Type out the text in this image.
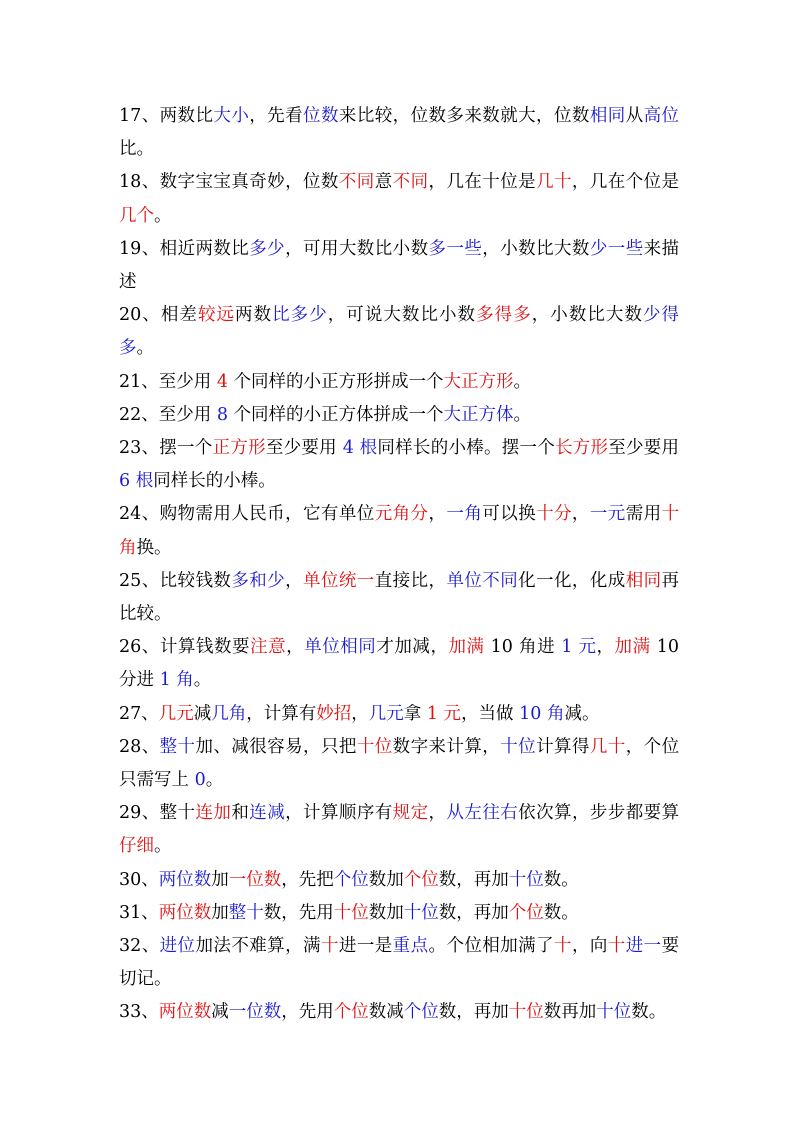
17、两数比大小，先看位数来比较，位数多来数就大，位数相同从高位比。

18、数字宝宝真奇妙，位数不同意不同，几在十位是几十，几在个位是几个。

19、相近两数比多少，可用大数比小数多一些，小数比大数少一些来描述

20、相差较远两数比多少，可说大数比小数多得多，小数比大数少得多。

21、至少用 4 个同样的小正方形拼成一个大正方形。

22、至少用 8 个同样的小正方体拼成一个大正方体。

23、摆一个正方形至少要用 4 根同样长的小棒。摆一个长方形至少要用 6 根同样长的小棒。

24、购物需用人民币，它有单位元角分，一角可以换十分，一元需用十角换。

25、比较钱数多和少，单位统一直接比，单位不同化一化，化成相同再比较。

26、计算钱数要注意，单位相同才加减，加满 10 角进 1 元，加满 10 分进 1 角。

27、几元减几角，计算有妙招，几元拿 1 元，当做 10 角减。

28、整十加、减很容易，只把十位数字来计算，十位计算得几十，个位只需写上 0。

29、整十连加和连减，计算顺序有规定，从左往右依次算，步步都要算仔细。

30、两位数加一位数，先把个位数加个位数，再加十位数。

31、两位数加整十数，先用十位数加十位数，再加个位数。

32、进位加法不难算，满十进一是重点。个位相加满了十，向十进一要切记。

33、两位数减一位数，先用个位数减个位数，再加十位数再加十位数。
